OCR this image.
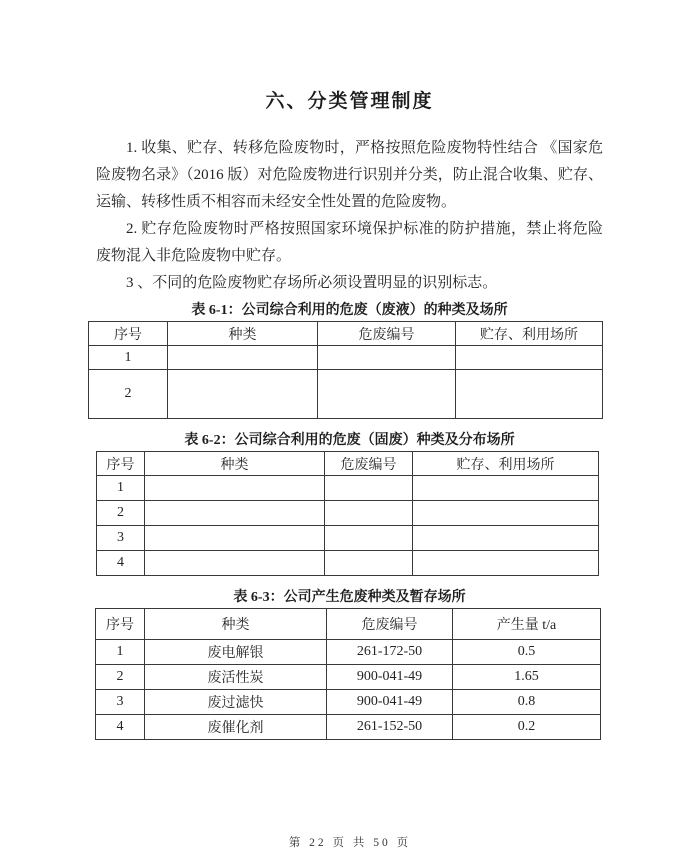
六、分类管理制度

1. 收集、贮存、转移危险废物时，严格按照危险废物特性结合 《国家危险废物名录》（2016 版）对危险废物进行识别并分类，防止混合收集、贮存、运输、转移性质不相容而未经安全性处置的危险废物。

2. 贮存危险废物时严格按照国家环境保护标准的防护措施，禁止将危险废物混入非危险废物中贮存。

3 、不同的危险废物贮存场所必须设置明显的识别标志。

表 6-1：公司综合利用的危废（废液）的种类及场所
序号	种类	危废编号	贮存、利用场所
1			
2			
表 6-2：公司综合利用的危废（固废）种类及分布场所
序号	种类	危废编号	贮存、利用场所
1			
2			
3			
4			
表 6-3：公司产生危废种类及暂存场所
序号	种类	危废编号	产生量 t/a
1	废电解银	261-172-50	0.5
2	废活性炭	900-041-49	1.65
3	废过滤快	900-041-49	0.8
4	废催化剂	261-152-50	0.2
第 22 页 共 50 页
